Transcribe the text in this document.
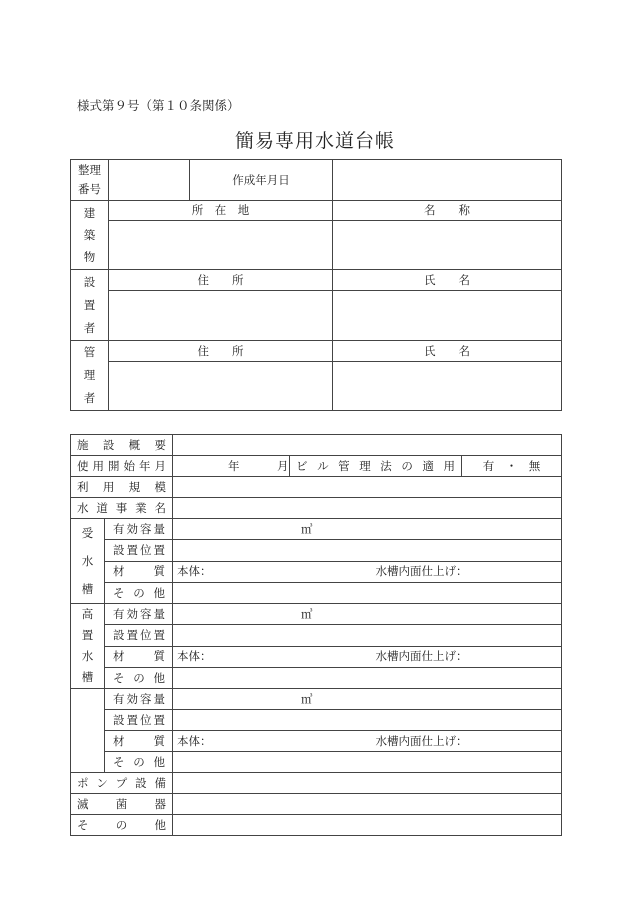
様式第９号（第１０条関係）
簡易専用水道台帳
整理
番号		作成年月日	

建築物	所　在　地		名　　称

設置者	住　　所		氏　　名

管理者	住　　所		氏　　名

施設概要				
使用開始年月		年 月	ビル管理法の適用	有　・　無
利用規模				
水道事業名				
受水槽	有効容量	㎥		
	設置位置			
	材　　質	本体： 水槽内面仕上げ：		
	その他			
高置水槽	有効容量	㎥		
	設置位置			
	材　　質	本体： 水槽内面仕上げ：		
	その他			
	有効容量	㎥		
	設置位置			
	材　　質	本体： 水槽内面仕上げ：		
	その他			
ポンプ設備				
滅菌器				
そ　の　他				
